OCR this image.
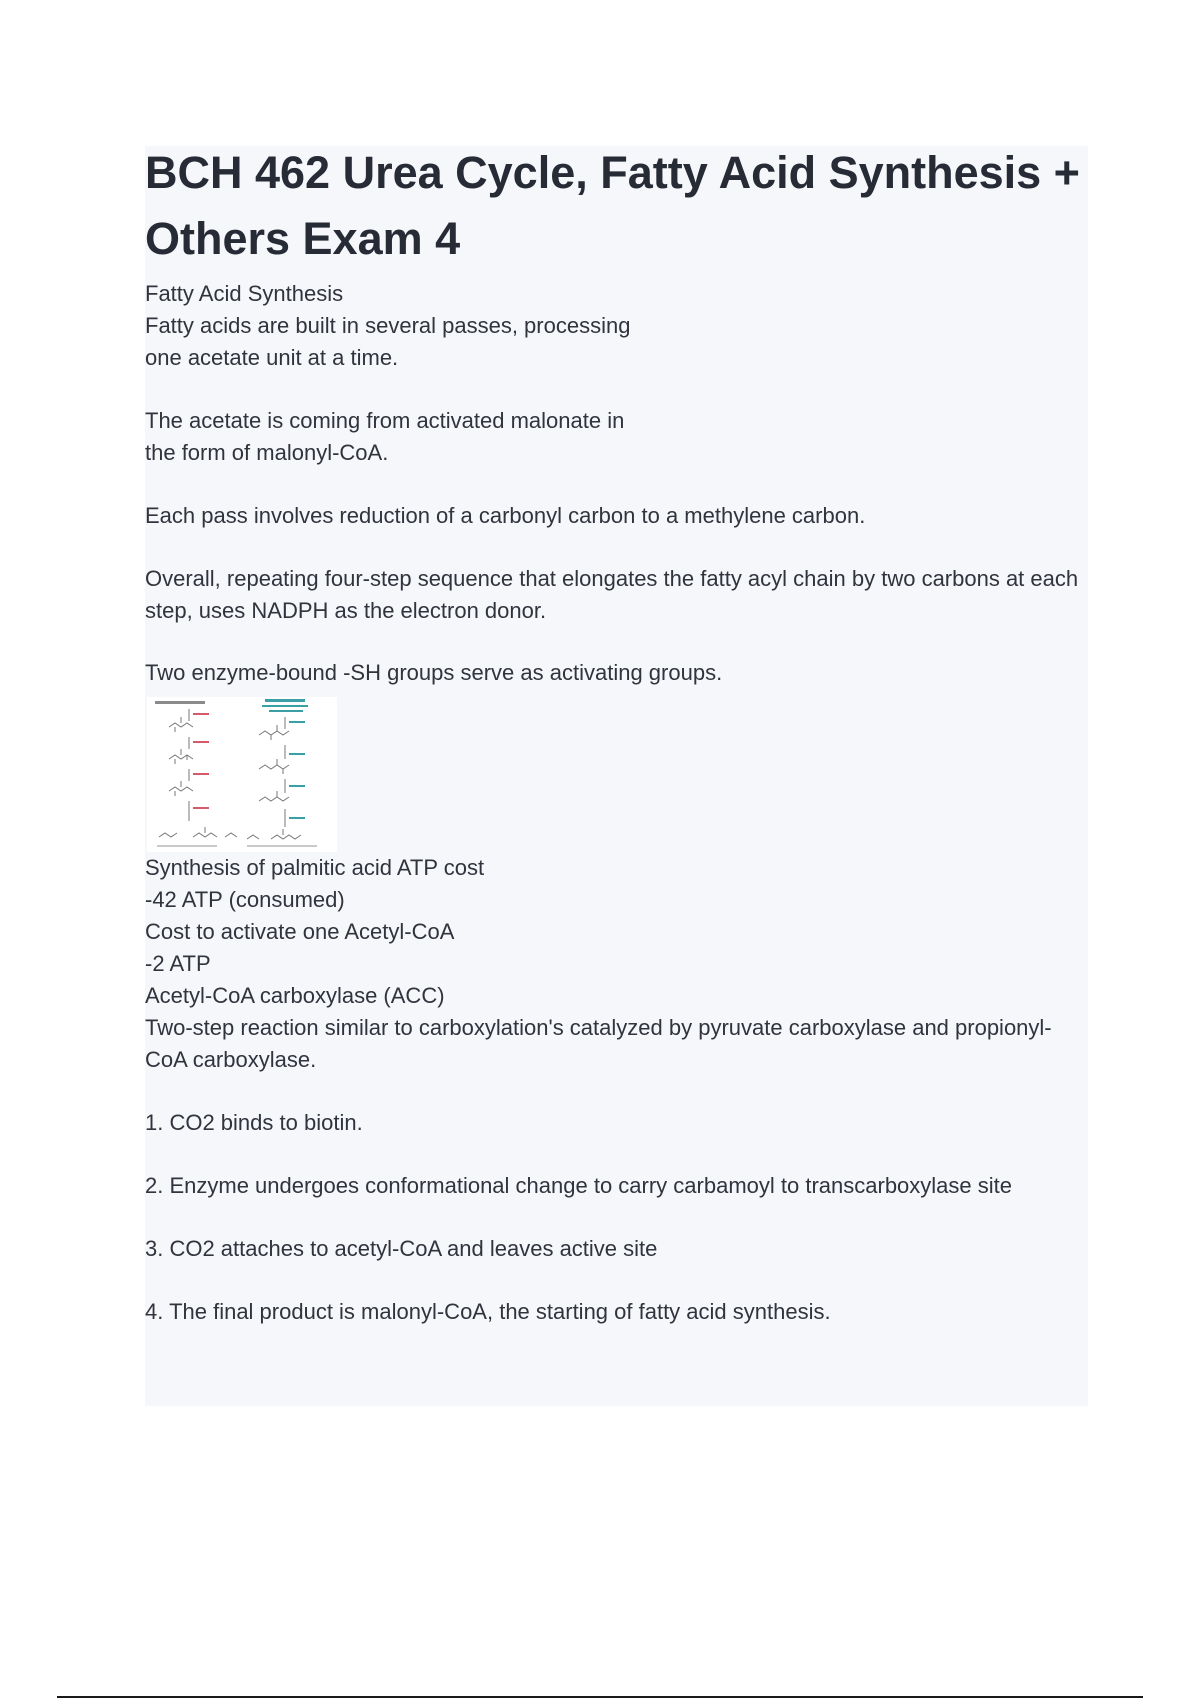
BCH 462 Urea Cycle, Fatty Acid Synthesis + Others Exam 4

Fatty Acid Synthesis

Fatty acids are built in several passes, processing

one acetate unit at a time.

The acetate is coming from activated malonate in

the form of malonyl-CoA.

Each pass involves reduction of a carbonyl carbon to a methylene carbon.

Overall, repeating four-step sequence that elongates the fatty acyl chain by two carbons at each step, uses NADPH as the electron donor.

Two enzyme-bound -SH groups serve as activating groups.

Synthesis of palmitic acid ATP cost

-42 ATP (consumed)

Cost to activate one Acetyl-CoA

-2 ATP

Acetyl-CoA carboxylase (ACC)

Two-step reaction similar to carboxylation's catalyzed by pyruvate carboxylase and propionyl-CoA carboxylase.

1. CO2 binds to biotin.

2. Enzyme undergoes conformational change to carry carbamoyl to transcarboxylase site

3. CO2 attaches to acetyl-CoA and leaves active site

4. The final product is malonyl-CoA, the starting of fatty acid synthesis.
